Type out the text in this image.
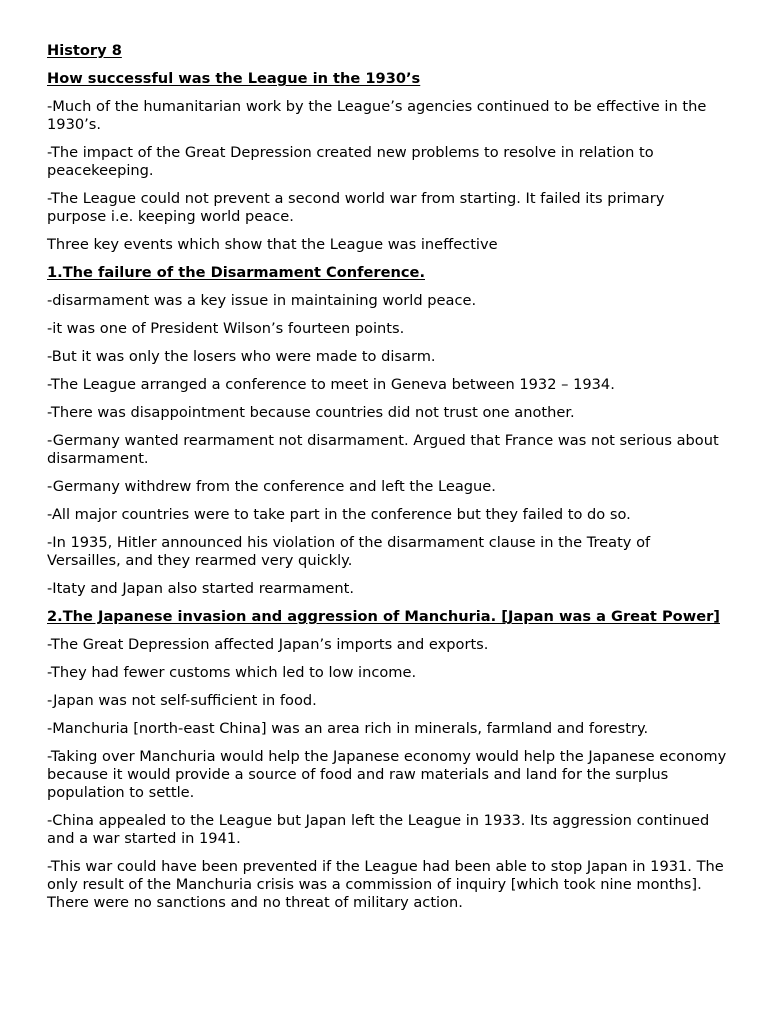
History 8

How successful was the League in the 1930’s

-Much of the humanitarian work by the League’s agencies continued to be effective in the 1930’s.

-The impact of the Great Depression created new problems to resolve in relation to peacekeeping.

-The League could not prevent a second world war from starting. It failed its primary purpose i.e. keeping world peace.

Three key events which show that the League was ineffective

1.The failure of the Disarmament Conference.

-disarmament was a key issue in maintaining world peace.

-it was one of President Wilson’s fourteen points.

-But it was only the losers who were made to disarm.

-The League arranged a conference to meet in Geneva between 1932 – 1934.

-There was disappointment because countries did not trust one another.

-Germany wanted rearmament not disarmament. Argued that France was not serious about disarmament.

-Germany withdrew from the conference and left the League.

-All major countries were to take part in the conference but they failed to do so.

-In 1935, Hitler announced his violation of the disarmament clause in the Treaty of Versailles, and they rearmed very quickly.

-Itaty and Japan also started rearmament.

2.The Japanese invasion and aggression of Manchuria. [Japan was a Great Power]

-The Great Depression affected Japan’s imports and exports.

-They had fewer customs which led to low income.

-Japan was not self-sufficient in food.

-Manchuria [north-east China] was an area rich in minerals, farmland and forestry.

-Taking over Manchuria would help the Japanese economy would help the Japanese economy because it would provide a source of food and raw materials and land for the surplus population to settle.

-China appealed to the League but Japan left the League in 1933. Its aggression continued and a war started in 1941.

-This war could have been prevented if the League had been able to stop Japan in 1931. The only result of the Manchuria crisis was a commission of inquiry [which took nine months]. There were no sanctions and no threat of military action.
